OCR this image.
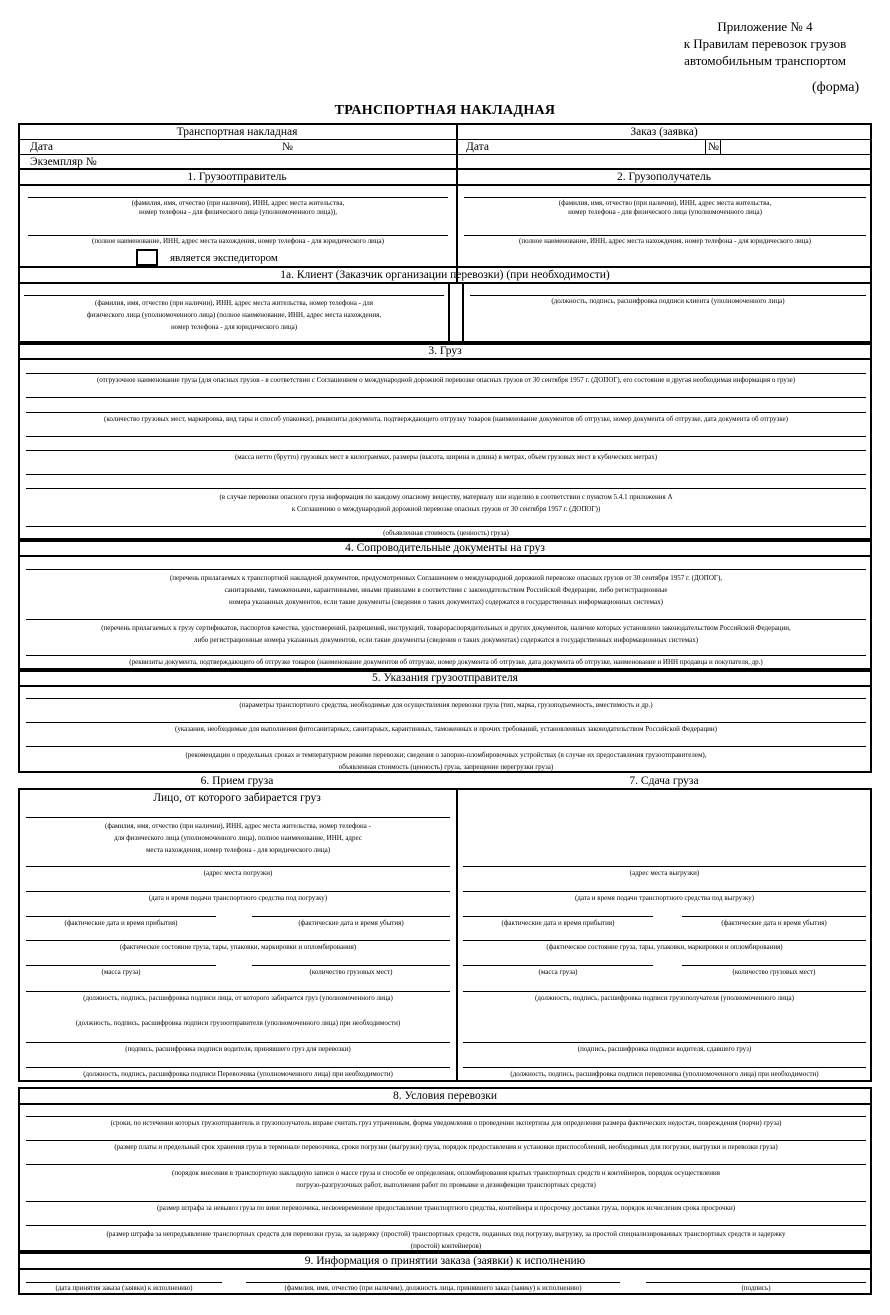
Приложение № 4
к Правилам перевозок грузов
автомобильным транспортом
(форма)
ТРАНСПОРТНАЯ НАКЛАДНАЯ
Транспортная накладная	Заказ (заявка)
Дата	№	Дата	№
Экземпляр №
1. Грузоотправитель	2. Грузополучатель
(фамилия, имя, отчество (при наличии), ИНН, адрес места жительства,
номер телефона - для физического лица (уполномоченного лица)),
(полное наименование, ИНН, адрес места нахождения, номер телефона - для юридического лица)
является экспедитором
(фамилия, имя, отчество (при наличии), ИНН, адрес места жительства,
номер телефона - для физического лица (уполномоченного лица)
(полное наименование, ИНН, адрес места нахождения, номер телефона - для юридического лица)
1а. Клиент (Заказчик организации перевозки) (при необходимости)
(фамилия, имя, отчество (при наличии), ИНН, адрес места жительства, номер телефона - для
физического лица (уполномоченного лица) (полное наименование, ИНН, адрес места нахождения,
номер телефона - для юридического лица)
(должность, подпись, расшифровка подписи клиента (уполномоченного лица)
3. Груз
(отгрузочное наименование груза (для опасных грузов - в соответствии с Соглашением о международной дорожной перевозке опасных грузов от 30 сентября 1957 г. (ДОПОГ), его состояние и другая необходимая информация о грузе)
(количество грузовых мест, маркировка, вид тары и способ упаковки), реквизиты документа, подтверждающего отгрузку товаров (наименование документов об отгрузке, номер документа об отгрузке, дата документа об отгрузке)
(масса нетто (брутто) грузовых мест в килограммах, размеры (высота, ширина и длина) в метрах, объем грузовых мест в кубических метрах)
(в случае перевозки опасного груза информация по каждому опасному веществу, материалу или изделию в соответствии с пунктом 5.4.1 приложения А
к Соглашению о международной дорожной перевозке опасных грузов от 30 сентября 1957 г. (ДОПОГ))
(объявленная стоимость (ценность) груза)
4. Сопроводительные документы на груз
(перечень прилагаемых к транспортной накладной документов, предусмотренных Соглашением о международной дорожной перевозке опасных грузов от 30 сентября 1957 г. (ДОПОГ),
санитарными, таможенными, карантинными, иными правилами в соответствии с законодательством Российской Федерации, либо регистрационные
номера указанных документов, если такие документы (сведения о таких документах) содержатся в государственных информационных системах)
(перечень прилагаемых к грузу сертификатов, паспортов качества, удостоверений, разрешений, инструкций, товарораспорядительных и других документов, наличие которых установлено законодательством Российской Федерации,
либо регистрационные номера указанных документов, если такие документы (сведения о таких документах) содержатся в государственных информационных системах)
(реквизиты документа, подтверждающего об отгрузке товаров (наименование документов об отгрузке, номер документа об отгрузке, дата документа об отгрузке, наименование и ИНН продавца и покупателя, др.)
5. Указания грузоотправителя
(параметры транспортного средства, необходимые для осуществления перевозки груза (тип, марка, грузоподъемность, вместимость и др.)
(указания, необходимые для выполнения фитосанитарных, санитарных, карантинных, таможенных и прочих требований, установленных законодательством Российской Федерации)
(рекомендации о предельных сроках и температурном режиме перевозки; сведения о запорно-пломбировочных устройствах (в случае их предоставления грузоотправителем),
объявленная стоимость (ценность) груза, запрещение перегрузки груза)
6. Прием груза	7. Сдача груза
Лицо, от которого забирается груз
(фамилия, имя, отчество (при наличии), ИНН, адрес места жительства, номер телефона -
для физического лица (уполномоченного лица), полное наименование, ИНН, адрес
места нахождения, номер телефона - для юридического лица)
(адрес места погрузки)
(дата и время подачи транспортного средства под погрузку)
(фактические дата и время прибытия)	(фактические дата и время убытия)
(фактическое состояние груза, тары, упаковки, маркировки и опломбирования)
(масса груза)	(количество грузовых мест)
(должность, подпись, расшифровка подписи лица, от которого забирается груз (уполномоченного лица)
(должность, подпись, расшифровка подписи грузоотправителя (уполномоченного лица) при необходимости)
(подпись, расшифровка подписи водителя, принявшего груз для перевозки)
(должность, подпись, расшифровка подписи Перевозчика (уполномоченного лица) при необходимости)
(адрес места выгрузки)
(дата и время подачи транспортного средства под выгрузку)
(фактические дата и время прибытия)	(фактические дата и время убытия)
(фактическое состояние груза, тары, упаковки, маркировки и опломбирования)
(масса груза)	(количество грузовых мест)
(должность, подпись, расшифровка подписи грузополучателя (уполномоченного лица)
(подпись, расшифровка подписи водителя, сдавшего груз)
(должность, подпись, расшифровка подписи перевозчика (уполномоченного лица) при необходимости)
8. Условия перевозки
(сроки, по истечении которых грузоотправитель и грузополучатель вправе считать груз утраченным, форма уведомления о проведении экспертизы для определения размера фактических недостач, повреждения (порчи) груза)
(размер платы и предельный срок хранения груза в терминале перевозчика, сроки погрузки (выгрузки) груза, порядок предоставления и установки приспособлений, необходимых для погрузки, выгрузки и перевозки груза)
(порядок внесения в транспортную накладную записи о массе груза и способе ее определения, опломбирования крытых транспортных средств и контейнеров, порядок осуществления
погрузо-разгрузочных работ, выполнения работ по промывке и дезинфекции транспортных средств)
(размер штрафа за невывоз груза по вине перевозчика, несвоевременное предоставление транспортного средства, контейнера и просрочку доставки груза, порядок исчисления срока просрочки)
(размер штрафа за непредъявление транспортных средств для перевозки груза, за задержку (простой) транспортных средств, поданных под погрузку, выгрузку, за простой специализированных транспортных средств и задержку
(простой) контейнеров)
9. Информация о принятии заказа (заявки) к исполнению
(дата принятия заказа (заявки) к исполнению)	(фамилия, имя, отчество (при наличии), должность лица, принявшего заказ (заявку) к исполнению)	(подпись)
